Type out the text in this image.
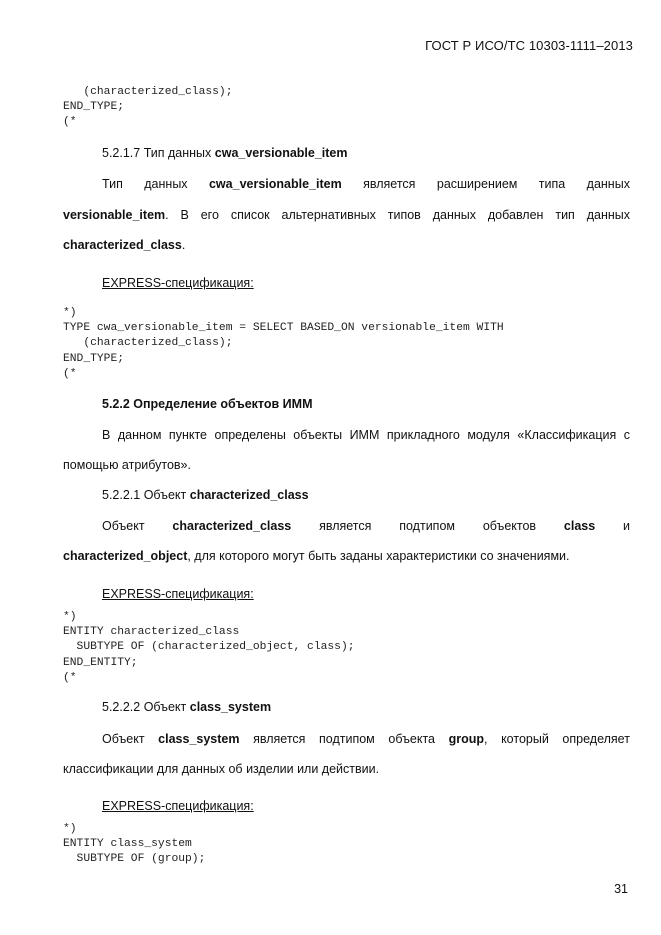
ГОСТ Р ИСО/ТС 10303-1111–2013
(characterized_class);
END_TYPE;
(*
5.2.1.7 Тип данных cwa_versionable_item
Тип данных cwa_versionable_item является расширением типа данных
versionable_item. В его список альтернативных типов данных добавлен тип данных
characterized_class.
EXPRESS-спецификация:
*)
TYPE cwa_versionable_item = SELECT BASED_ON versionable_item WITH
(characterized_class);
END_TYPE;
(*
5.2.2 Определение объектов ИММ
В данном пункте определены объекты ИММ прикладного модуля «Классификация с
помощью атрибутов».
5.2.2.1 Объект characterized_class
Объект characterized_class является подтипом объектов class и
characterized_object, для которого могут быть заданы характеристики со значениями.
EXPRESS-спецификация:
*)
ENTITY characterized_class
SUBTYPE OF (characterized_object, class);
END_ENTITY;
(*
5.2.2.2 Объект class_system
Объект class_system является подтипом объекта group, который определяет
классификации для данных об изделии или действии.
EXPRESS-спецификация:
*)
ENTITY class_system
SUBTYPE OF (group);
31
